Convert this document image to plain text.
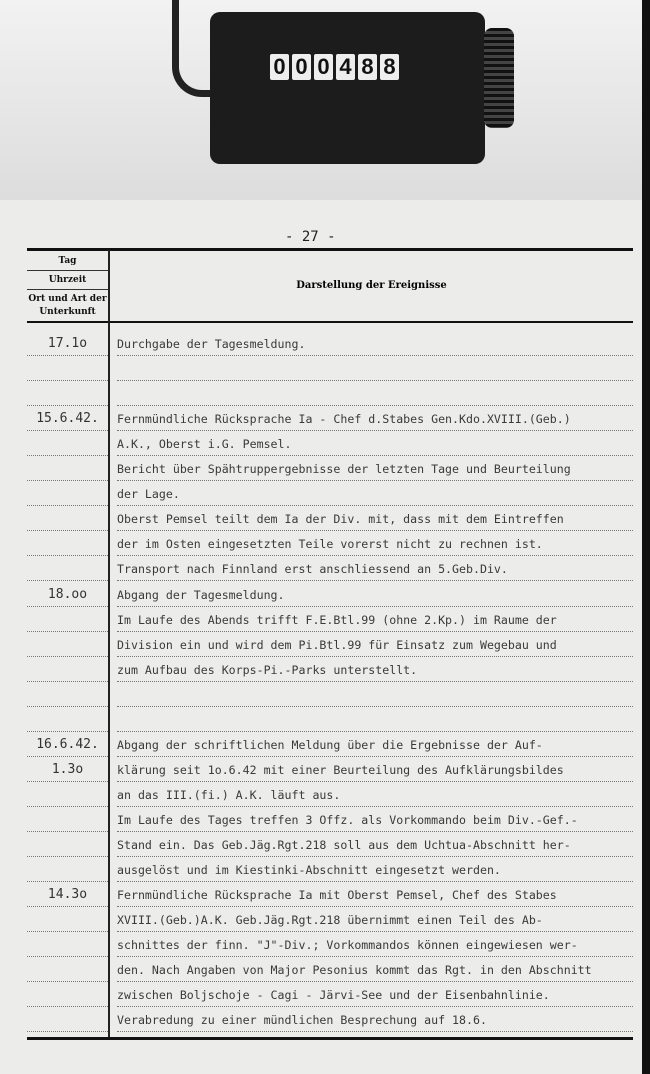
0 0 0 4 8 8
- 27 -
Tag
Uhrzeit
Ort und Art der Unterkunft
Darstellung der Ereignisse
17.1o	Durchgabe der Tagesmeldung.
15.6.42.	Fernmündliche Rücksprache Ia - Chef d.Stabes Gen.Kdo.XVIII.(Geb.)
A.K., Oberst i.G. Pemsel.
Bericht über Spähtruppergebnisse der letzten Tage und Beurteilung
der Lage.
Oberst Pemsel teilt dem Ia der Div. mit, dass mit dem Eintreffen
der im Osten eingesetzten Teile vorerst nicht zu rechnen ist.
Transport nach Finnland erst anschliessend an 5.Geb.Div.
18.oo	Abgang der Tagesmeldung.
Im Laufe des Abends trifft F.E.Btl.99 (ohne 2.Kp.) im Raume der
Division ein und wird dem Pi.Btl.99 für Einsatz zum Wegebau und
zum Aufbau des Korps-Pi.-Parks unterstellt.
16.6.42.	Abgang der schriftlichen Meldung über die Ergebnisse der Auf-
1.3o	klärung seit 1o.6.42 mit einer Beurteilung des Aufklärungsbildes
an das III.(fi.) A.K. läuft aus.
Im Laufe des Tages treffen 3 Offz. als Vorkommando beim Div.-Gef.-
Stand ein. Das Geb.Jäg.Rgt.218 soll aus dem Uchtua-Abschnitt her-
ausgelöst und im Kiestinki-Abschnitt eingesetzt werden.
14.3o	Fernmündliche Rücksprache Ia mit Oberst Pemsel, Chef des Stabes
XVIII.(Geb.)A.K. Geb.Jäg.Rgt.218 übernimmt einen Teil des Ab-
schnittes der finn. "J"-Div.; Vorkommandos können eingewiesen wer-
den. Nach Angaben von Major Pesonius kommt das Rgt. in den Abschnitt
zwischen Boljschoje - Cagi - Järvi-See und der Eisenbahnlinie.
Verabredung zu einer mündlichen Besprechung auf 18.6.
